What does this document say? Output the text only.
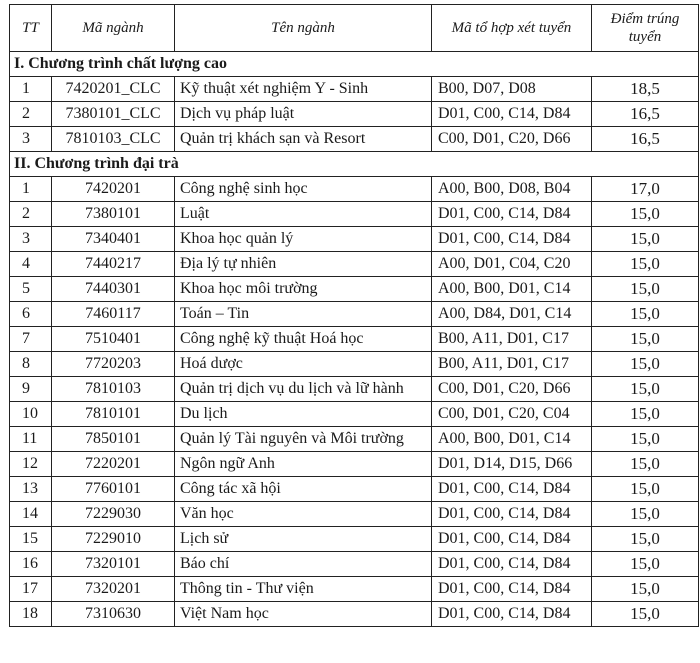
TT	Mã ngành	Tên ngành	Mã tổ hợp xét tuyển	Điểm trúng tuyển
I. Chương trình chất lượng cao				
1	7420201_CLC	Kỹ thuật xét nghiệm Y - Sinh	B00, D07, D08	18,5
2	7380101_CLC	Dịch vụ pháp luật	D01, C00, C14, D84	16,5
3	7810103_CLC	Quản trị khách sạn và Resort	C00, D01, C20, D66	16,5
II. Chương trình đại trà				
1	7420201	Công nghệ sinh học	A00, B00, D08, B04	17,0
2	7380101	Luật	D01, C00, C14, D84	15,0
3	7340401	Khoa học quản lý	D01, C00, C14, D84	15,0
4	7440217	Địa lý tự nhiên	A00, D01, C04, C20	15,0
5	7440301	Khoa học môi trường	A00, B00, D01, C14	15,0
6	7460117	Toán – Tin	A00, D84, D01, C14	15,0
7	7510401	Công nghệ kỹ thuật Hoá học	B00, A11, D01, C17	15,0
8	7720203	Hoá dược	B00, A11, D01, C17	15,0
9	7810103	Quản trị dịch vụ du lịch và lữ hành	C00, D01, C20, D66	15,0
10	7810101	Du lịch	C00, D01, C20, C04	15,0
11	7850101	Quản lý Tài nguyên và Môi trường	A00, B00, D01, C14	15,0
12	7220201	Ngôn ngữ Anh	D01, D14, D15, D66	15,0
13	7760101	Công tác xã hội	D01, C00, C14, D84	15,0
14	7229030	Văn học	D01, C00, C14, D84	15,0
15	7229010	Lịch sử	D01, C00, C14, D84	15,0
16	7320101	Báo chí	D01, C00, C14, D84	15,0
17	7320201	Thông tin - Thư viện	D01, C00, C14, D84	15,0
18	7310630	Việt Nam học	D01, C00, C14, D84	15,0
